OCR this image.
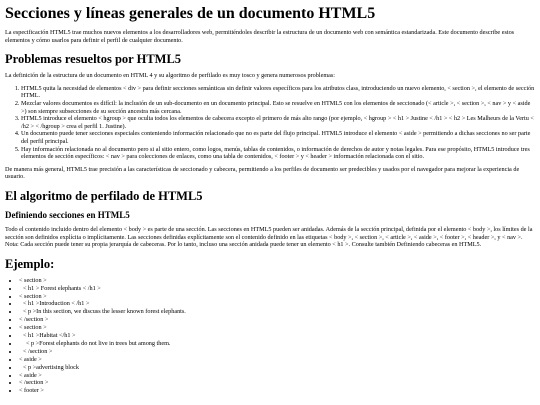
Secciones y líneas generales de un documento HTML5

La especificación HTML5 trae muchos nuevos elementos a los desarrolladores web, permitiéndoles describir la estructura de un documento web con semántica estandarizada. Este documento describe estos elementos y cómo usarlos para definir el perfil de cualquier documento.

Problemas resueltos por HTML5

La definición de la estructura de un documento en HTML 4 y su algoritmo de perfilado es muy tosco y genera numerosos problemas:

1. HTML5 quita la necesidad de elementos < div > para definir secciones semánticas sin definir valores específicos para los atributos class, introduciendo un nuevo elemento, < section >, el elemento de sección HTML.
2. Mezclar valores documentos es difícil: la inclusión de un sub-documento en un documento principal. Esto se resuelve en HTML5 con los elementos de seccionado (< article >, < section >, < nav > y < aside >) son siempre subsecciones de su sección ancestra más cercana.
3. HTML5 introduce el elemento < hgroup > que oculta todos los elementos de cabecera excepto el primero de más alto rango (por ejemplo, < hgroup > < h1 > Justine < /h1 > < h2 > Les Malheurs de la Vertu < /h2 > < /hgroup > crea el perfil 1. Justine).
4. Un documento puede tener secciones especiales conteniendo información relacionado que no es parte del flujo principal. HTML5 introduce el elemento < aside > permitiendo a dichas secciones no ser parte del perfil principal.
5. Hay información relacionada no al documento pero si al sitio entero, como logos, menús, tablas de contenidos, o información de derechos de autor y notas legales. Para ese propósito, HTML5 introduce tres elementos de sección específicos: < nav > para colecciones de enlaces, como una tabla de contenidos, < footer > y < header > información relacionada con el sitio.

De manera más general, HTML5 trae precisión a las características de seccionado y cabecera, permitiendo a los perfiles de documento ser predecibles y usados por el navegador para mejorar la experiencia de usuario.

El algoritmo de perfilado de HTML5
Definiendo secciones en HTML5

Todo el contenido incluido dentro del elemento < body > es parte de una sección. Las secciones en HTML5 pueden ser anidadas. Además de la sección principal, definida por el elemento < body >, los límites de la sección son definidos explícita o implícitamente. Las secciones definidas explícitamente son el contenido definido en las etiquetas < body >, < section >, < article >, < aside >, < footer >, < header >, y < nav >. Nota: Cada sección puede tener su propia jerarquía de cabeceras. Por lo tanto, incluso una sección anidada puede tener un elemento < h1 >. Consulte también Definiendo cabeceras en HTML5.

Ejemplo:
• < section >
• < h1 > Forest elephants < /h1 >
• < section >
• < h1 >Introduction < /h1 >
• < p >In this section, we discuss the lesser known forest elephants.
• < /section >
• < section >
• < h1 >Habitat </h1 >
• < p >Forest elephants do not live in trees but among them.
• < /section >
• < aside >
• < p >advertising block
• < aside >
• < /section >
• < footer >
